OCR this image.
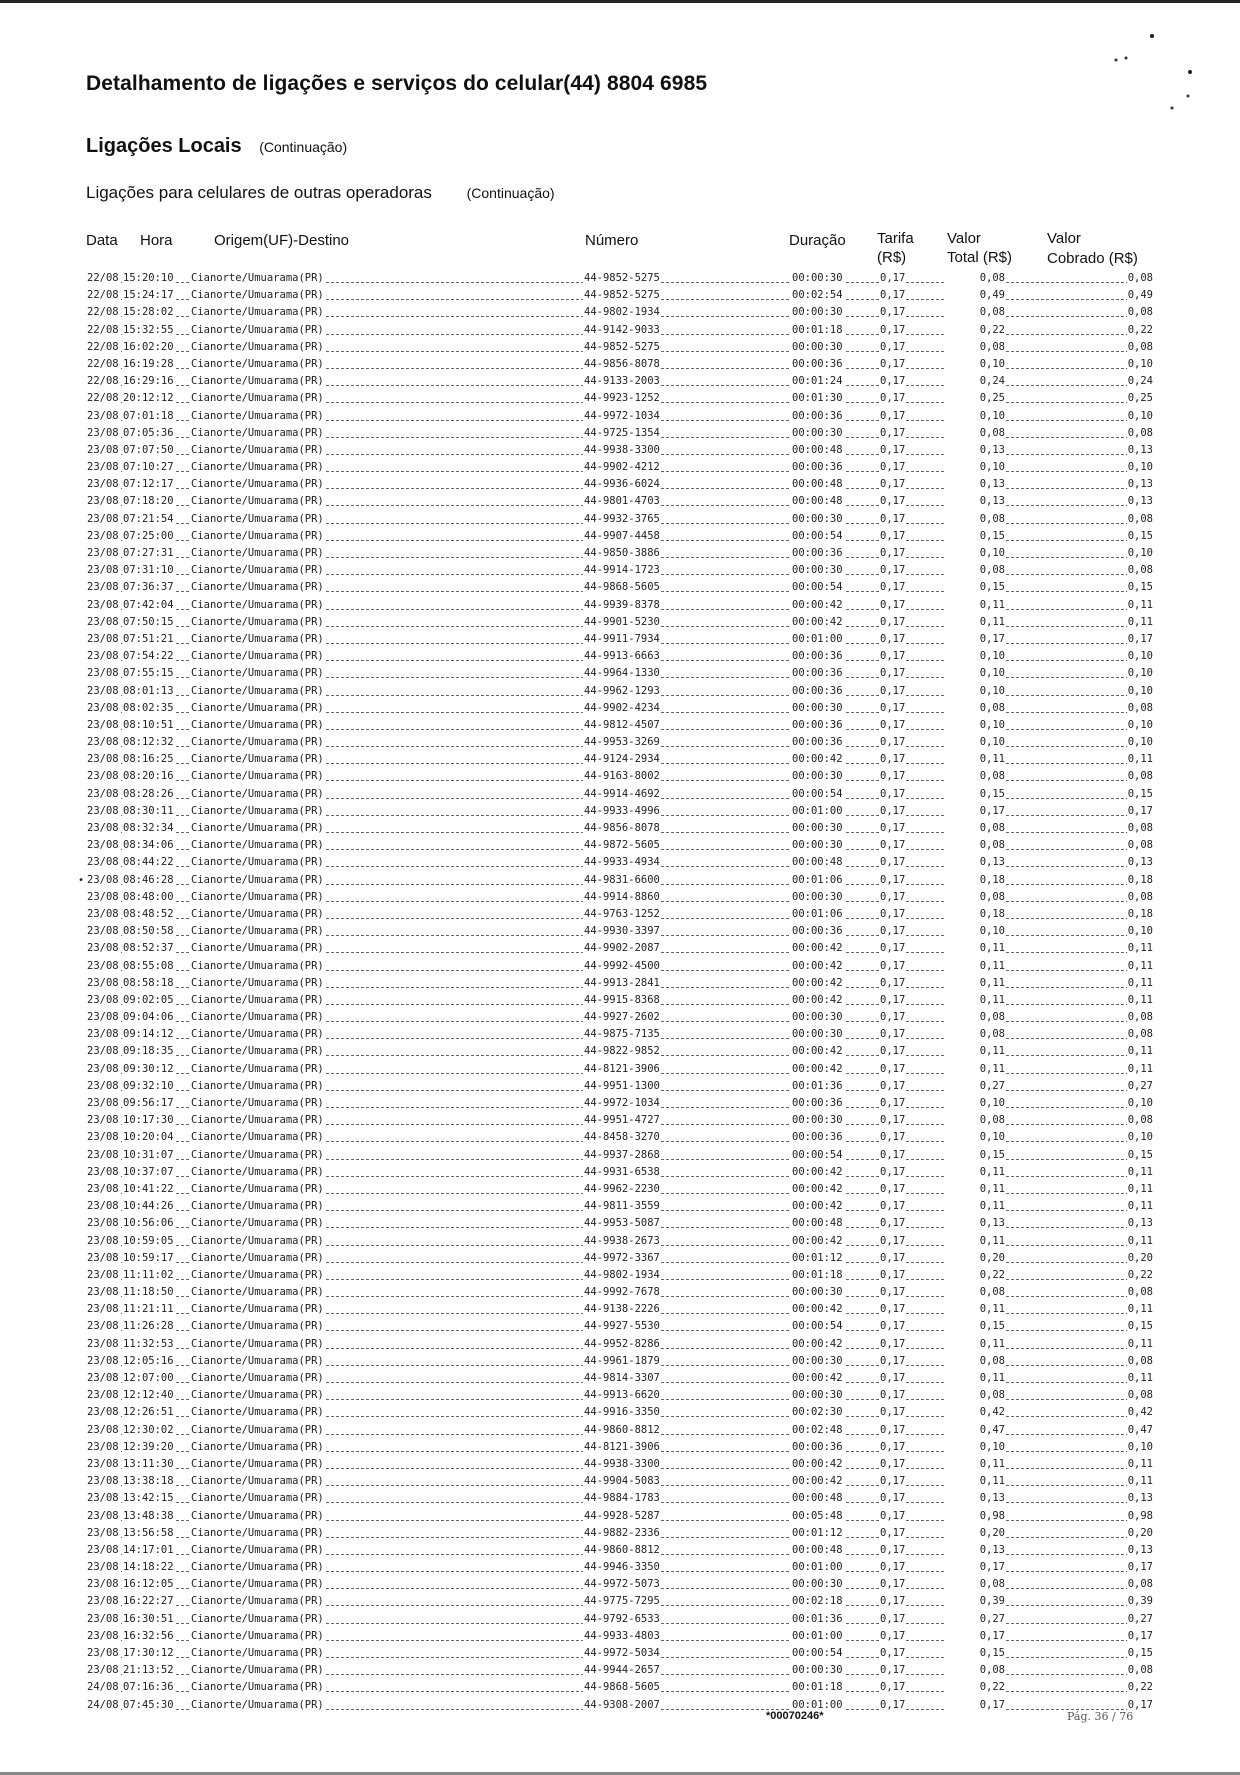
Detalhamento de ligações e serviços do celular(44) 8804 6985
Ligações Locais (Continuação)
Ligações para celulares de outras operadoras (Continuação)
Data Hora	Origem(UF)-Destino	Número	Duração Tarifa
(R$)
Valor
Total (R$)
Valor
Cobrado (R$)
22/08 15:20:10 Cianorte/Umuarama(PR)	44-9852-5275	00:00:30	0,17	0,08	0,08
22/08 15:24:17 Cianorte/Umuarama(PR)	44-9852-5275	00:02:54	0,17	0,49	0,49
22/08 15:28:02 Cianorte/Umuarama(PR)	44-9802-1934	00:00:30	0,17	0,08	0,08
22/08 15:32:55 Cianorte/Umuarama(PR)	44-9142-9033	00:01:18	0,17	0,22	0,22
22/08 16:02:20 Cianorte/Umuarama(PR)	44-9852-5275	00:00:30	0,17	0,08	0,08
22/08 16:19:28 Cianorte/Umuarama(PR)	44-9856-8078	00:00:36	0,17	0,10	0,10
22/08 16:29:16 Cianorte/Umuarama(PR)	44-9133-2003	00:01:24	0,17	0,24	0,24
22/08 20:12:12 Cianorte/Umuarama(PR)	44-9923-1252	00:01:30	0,17	0,25	0,25
23/08 07:01:18 Cianorte/Umuarama(PR)	44-9972-1034	00:00:36	0,17	0,10	0,10
23/08 07:05:36 Cianorte/Umuarama(PR)	44-9725-1354	00:00:30	0,17	0,08	0,08
23/08 07:07:50 Cianorte/Umuarama(PR)	44-9938-3300	00:00:48	0,17	0,13	0,13
23/08 07:10:27 Cianorte/Umuarama(PR)	44-9902-4212	00:00:36	0,17	0,10	0,10
23/08 07:12:17 Cianorte/Umuarama(PR)	44-9936-6024	00:00:48	0,17	0,13	0,13
23/08 07:18:20 Cianorte/Umuarama(PR)	44-9801-4703	00:00:48	0,17	0,13	0,13
23/08 07:21:54 Cianorte/Umuarama(PR)	44-9932-3765	00:00:30	0,17	0,08	0,08
23/08 07:25:00 Cianorte/Umuarama(PR)	44-9907-4458	00:00:54	0,17	0,15	0,15
23/08 07:27:31 Cianorte/Umuarama(PR)	44-9850-3886	00:00:36	0,17	0,10	0,10
23/08 07:31:10 Cianorte/Umuarama(PR)	44-9914-1723	00:00:30	0,17	0,08	0,08
23/08 07:36:37 Cianorte/Umuarama(PR)	44-9868-5605	00:00:54	0,17	0,15	0,15
23/08 07:42:04 Cianorte/Umuarama(PR)	44-9939-8378	00:00:42	0,17	0,11	0,11
23/08 07:50:15 Cianorte/Umuarama(PR)	44-9901-5230	00:00:42	0,17	0,11	0,11
23/08 07:51:21 Cianorte/Umuarama(PR)	44-9911-7934	00:01:00	0,17	0,17	0,17
23/08 07:54:22 Cianorte/Umuarama(PR)	44-9913-6663	00:00:36	0,17	0,10	0,10
23/08 07:55:15 Cianorte/Umuarama(PR)	44-9964-1330	00:00:36	0,17	0,10	0,10
23/08 08:01:13 Cianorte/Umuarama(PR)	44-9962-1293	00:00:36	0,17	0,10	0,10
23/08 08:02:35 Cianorte/Umuarama(PR)	44-9902-4234	00:00:30	0,17	0,08	0,08
23/08 08:10:51 Cianorte/Umuarama(PR)	44-9812-4507	00:00:36	0,17	0,10	0,10
23/08 08:12:32 Cianorte/Umuarama(PR)	44-9953-3269	00:00:36	0,17	0,10	0,10
23/08 08:16:25 Cianorte/Umuarama(PR)	44-9124-2934	00:00:42	0,17	0,11	0,11
23/08 08:20:16 Cianorte/Umuarama(PR)	44-9163-8002	00:00:30	0,17	0,08	0,08
23/08 08:28:26 Cianorte/Umuarama(PR)	44-9914-4692	00:00:54	0,17	0,15	0,15
23/08 08:30:11 Cianorte/Umuarama(PR)	44-9933-4996	00:01:00	0,17	0,17	0,17
23/08 08:32:34 Cianorte/Umuarama(PR)	44-9856-8078	00:00:30	0,17	0,08	0,08
23/08 08:34:06 Cianorte/Umuarama(PR)	44-9872-5605	00:00:30	0,17	0,08	0,08
23/08 08:44:22 Cianorte/Umuarama(PR)	44-9933-4934	00:00:48	0,17	0,13	0,13
• 23/08 08:46:28 Cianorte/Umuarama(PR)	44-9831-6600	00:01:06	0,17	0,18	0,18
23/08 08:48:00 Cianorte/Umuarama(PR)	44-9914-8860	00:00:30	0,17	0,08	0,08
23/08 08:48:52 Cianorte/Umuarama(PR)	44-9763-1252	00:01:06	0,17	0,18	0,18
23/08 08:50:58 Cianorte/Umuarama(PR)	44-9930-3397	00:00:36	0,17	0,10	0,10
23/08 08:52:37 Cianorte/Umuarama(PR)	44-9902-2087	00:00:42	0,17	0,11	0,11
23/08 08:55:08 Cianorte/Umuarama(PR)	44-9992-4500	00:00:42	0,17	0,11	0,11
23/08 08:58:18 Cianorte/Umuarama(PR)	44-9913-2841	00:00:42	0,17	0,11	0,11
23/08 09:02:05 Cianorte/Umuarama(PR)	44-9915-8368	00:00:42	0,17	0,11	0,11
23/08 09:04:06 Cianorte/Umuarama(PR)	44-9927-2602	00:00:30	0,17	0,08	0,08
23/08 09:14:12 Cianorte/Umuarama(PR)	44-9875-7135	00:00:30	0,17	0,08	0,08
23/08 09:18:35 Cianorte/Umuarama(PR)	44-9822-9852	00:00:42	0,17	0,11	0,11
23/08 09:30:12 Cianorte/Umuarama(PR)	44-8121-3906	00:00:42	0,17	0,11	0,11
23/08 09:32:10 Cianorte/Umuarama(PR)	44-9951-1300	00:01:36	0,17	0,27	0,27
23/08 09:56:17 Cianorte/Umuarama(PR)	44-9972-1034	00:00:36	0,17	0,10	0,10
23/08 10:17:30 Cianorte/Umuarama(PR)	44-9951-4727	00:00:30	0,17	0,08	0,08
23/08 10:20:04 Cianorte/Umuarama(PR)	44-8458-3270	00:00:36	0,17	0,10	0,10
23/08 10:31:07 Cianorte/Umuarama(PR)	44-9937-2868	00:00:54	0,17	0,15	0,15
23/08 10:37:07 Cianorte/Umuarama(PR)	44-9931-6538	00:00:42	0,17	0,11	0,11
23/08 10:41:22 Cianorte/Umuarama(PR)	44-9962-2230	00:00:42	0,17	0,11	0,11
23/08 10:44:26 Cianorte/Umuarama(PR)	44-9811-3559	00:00:42	0,17	0,11	0,11
23/08 10:56:06 Cianorte/Umuarama(PR)	44-9953-5087	00:00:48	0,17	0,13	0,13
23/08 10:59:05 Cianorte/Umuarama(PR)	44-9938-2673	00:00:42	0,17	0,11	0,11
23/08 10:59:17 Cianorte/Umuarama(PR)	44-9972-3367	00:01:12	0,17	0,20	0,20
23/08 11:11:02 Cianorte/Umuarama(PR)	44-9802-1934	00:01:18	0,17	0,22	0,22
23/08 11:18:50 Cianorte/Umuarama(PR)	44-9992-7678	00:00:30	0,17	0,08	0,08
23/08 11:21:11 Cianorte/Umuarama(PR)	44-9138-2226	00:00:42	0,17	0,11	0,11
23/08 11:26:28 Cianorte/Umuarama(PR)	44-9927-5530	00:00:54	0,17	0,15	0,15
23/08 11:32:53 Cianorte/Umuarama(PR)	44-9952-8286	00:00:42	0,17	0,11	0,11
23/08 12:05:16 Cianorte/Umuarama(PR)	44-9961-1879	00:00:30	0,17	0,08	0,08
23/08 12:07:00 Cianorte/Umuarama(PR)	44-9814-3307	00:00:42	0,17	0,11	0,11
23/08 12:12:40 Cianorte/Umuarama(PR)	44-9913-6620	00:00:30	0,17	0,08	0,08
23/08 12:26:51 Cianorte/Umuarama(PR)	44-9916-3350	00:02:30	0,17	0,42	0,42
23/08 12:30:02 Cianorte/Umuarama(PR)	44-9860-8812	00:02:48	0,17	0,47	0,47
23/08 12:39:20 Cianorte/Umuarama(PR)	44-8121-3906	00:00:36	0,17	0,10	0,10
23/08 13:11:30 Cianorte/Umuarama(PR)	44-9938-3300	00:00:42	0,17	0,11	0,11
23/08 13:38:18 Cianorte/Umuarama(PR)	44-9904-5083	00:00:42	0,17	0,11	0,11
23/08 13:42:15 Cianorte/Umuarama(PR)	44-9884-1783	00:00:48	0,17	0,13	0,13
23/08 13:48:38 Cianorte/Umuarama(PR)	44-9928-5287	00:05:48	0,17	0,98	0,98
23/08 13:56:58 Cianorte/Umuarama(PR)	44-9882-2336	00:01:12	0,17	0,20	0,20
23/08 14:17:01 Cianorte/Umuarama(PR)	44-9860-8812	00:00:48	0,17	0,13	0,13
23/08 14:18:22 Cianorte/Umuarama(PR)	44-9946-3350	00:01:00	0,17	0,17	0,17
23/08 16:12:05 Cianorte/Umuarama(PR)	44-9972-5073	00:00:30	0,17	0,08	0,08
23/08 16:22:27 Cianorte/Umuarama(PR)	44-9775-7295	00:02:18	0,17	0,39	0,39
23/08 16:30:51 Cianorte/Umuarama(PR)	44-9792-6533	00:01:36	0,17	0,27	0,27
23/08 16:32:56 Cianorte/Umuarama(PR)	44-9933-4803	00:01:00	0,17	0,17	0,17
23/08 17:30:12 Cianorte/Umuarama(PR)	44-9972-5034	00:00:54	0,17	0,15	0,15
23/08 21:13:52 Cianorte/Umuarama(PR)	44-9944-2657	00:00:30	0,17	0,08	0,08
24/08 07:16:36 Cianorte/Umuarama(PR)	44-9868-5605	00:01:18	0,17	0,22	0,22
24/08 07:45:30 Cianorte/Umuarama(PR)	44-9308-2007	00:01:00	0,17	0,17	0,17
*00070246*	Pág. 36 / 76
